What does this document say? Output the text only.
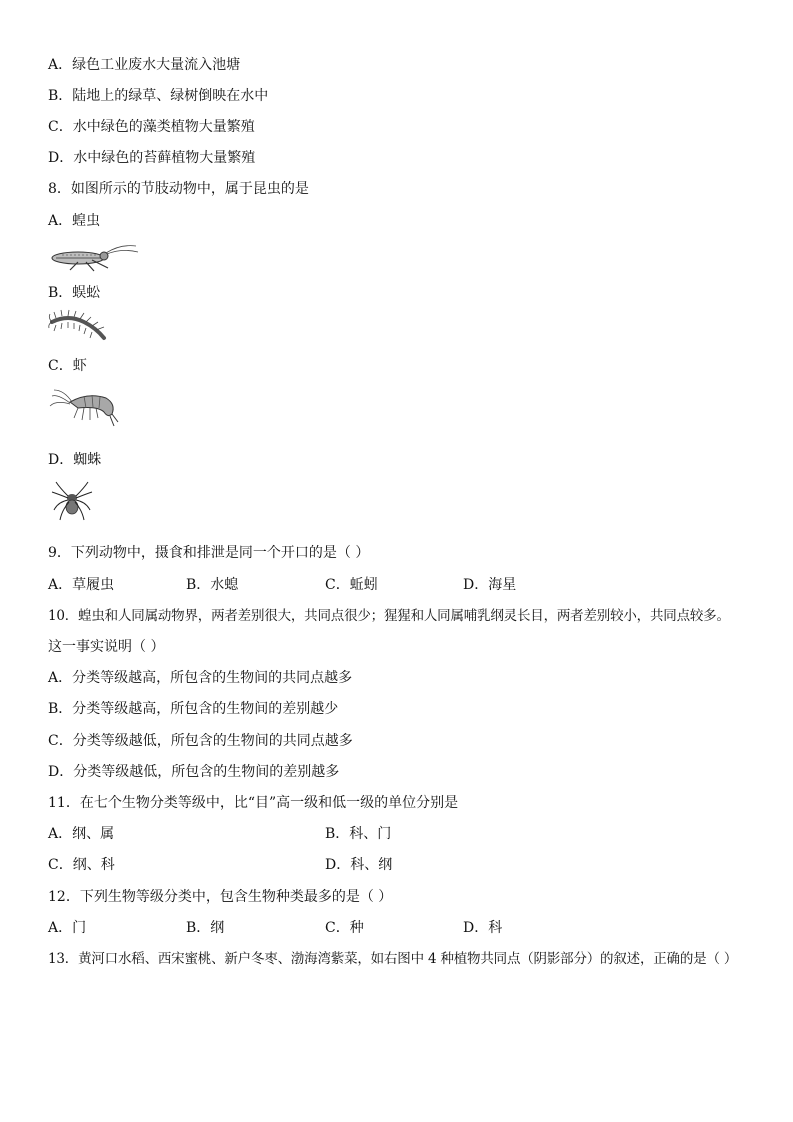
A．绿色工业废水大量流入池塘
B．陆地上的绿草、绿树倒映在水中
C．水中绿色的藻类植物大量繁殖
D．水中绿色的苔藓植物大量繁殖
8．如图所示的节肢动物中，属于昆虫的是
A．蝗虫
B．蜈蚣
C．虾
D．蜘蛛
9．下列动物中，摄食和排泄是同一个开口的是（ ）
A．草履虫	B．水螅	C．蚯蚓	D．海星
10．蝗虫和人同属动物界，两者差别很大，共同点很少；猩猩和人同属哺乳纲灵长目，两者差别较小，共同点较多。
这一事实说明（ ）
A．分类等级越高，所包含的生物间的共同点越多
B．分类等级越高，所包含的生物间的差别越少
C．分类等级越低，所包含的生物间的共同点越多
D．分类等级越低，所包含的生物间的差别越多
11．在七个生物分类等级中，比“目”高一级和低一级的单位分别是
A．纲、属	B．科、门
C．纲、科	D．科、纲
12．下列生物等级分类中，包含生物种类最多的是（ ）
A．门	B．纲	C．种	D．科
13．黄河口水稻、西宋蜜桃、新户冬枣、渤海湾紫菜，如右图中 4 种植物共同点（阴影部分）的叙述，正确的是（ ）
